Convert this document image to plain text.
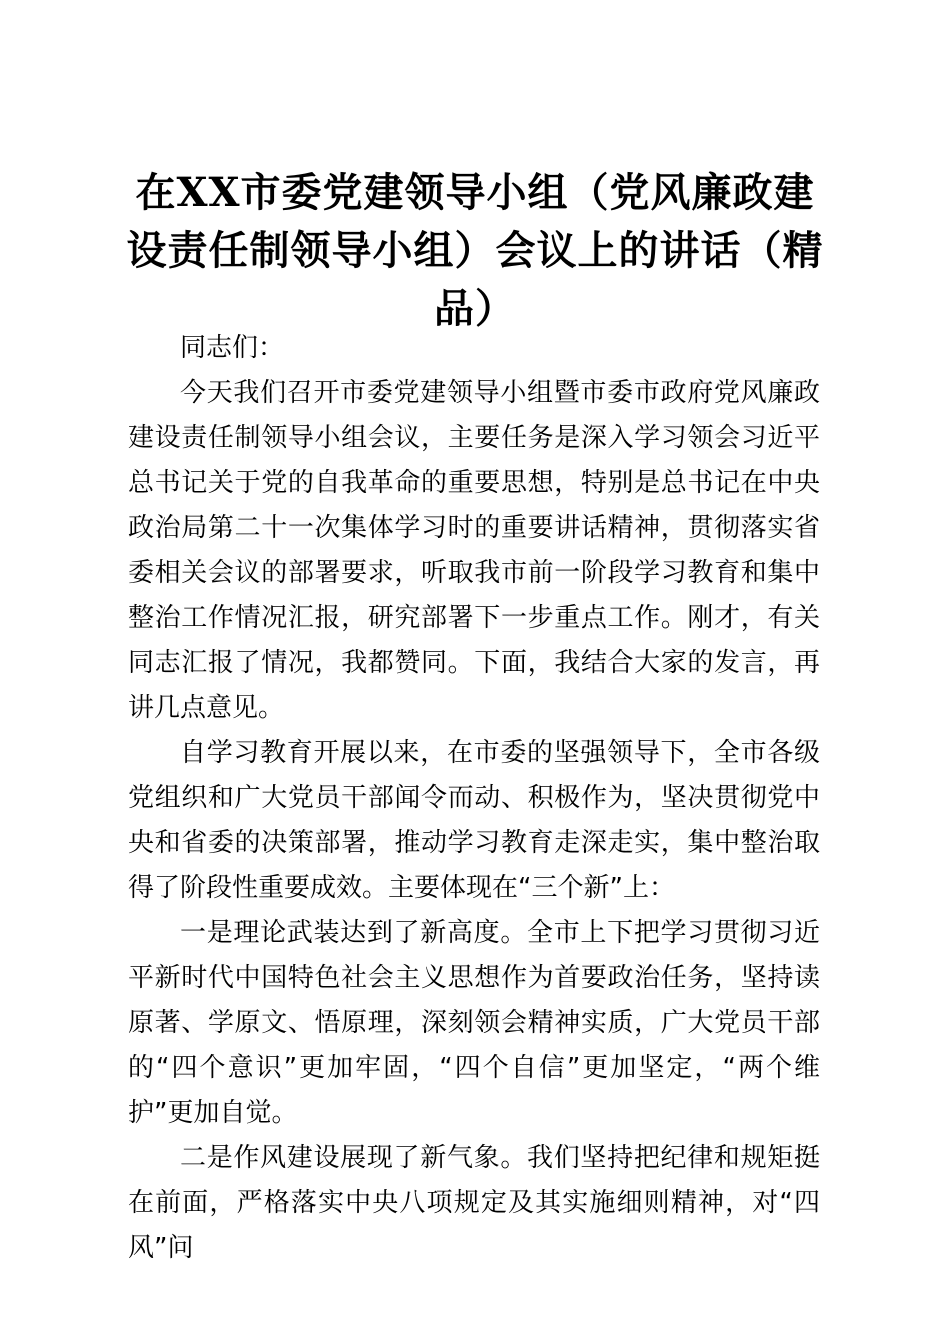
在XX市委党建领导小组（党风廉政建设责任制领导小组）会议上的讲话（精品）

同志们：

今天我们召开市委党建领导小组暨市委市政府党风廉政建设责任制领导小组会议，主要任务是深入学习领会习近平总书记关于党的自我革命的重要思想，特别是总书记在中央政治局第二十一次集体学习时的重要讲话精神，贯彻落实省委相关会议的部署要求，听取我市前一阶段学习教育和集中整治工作情况汇报，研究部署下一步重点工作。刚才，有关同志汇报了情况，我都赞同。下面，我结合大家的发言，再讲几点意见。

自学习教育开展以来，在市委的坚强领导下，全市各级党组织和广大党员干部闻令而动、积极作为，坚决贯彻党中央和省委的决策部署，推动学习教育走深走实，集中整治取得了阶段性重要成效。主要体现在“三个新”上：

一是理论武装达到了新高度。全市上下把学习贯彻习近平新时代中国特色社会主义思想作为首要政治任务，坚持读原著、学原文、悟原理，深刻领会精神实质，广大党员干部的“四个意识”更加牢固，“四个自信”更加坚定，“两个维护”更加自觉。

二是作风建设展现了新气象。我们坚持把纪律和规矩挺在前面，严格落实中央八项规定及其实施细则精神，对“四风”问
